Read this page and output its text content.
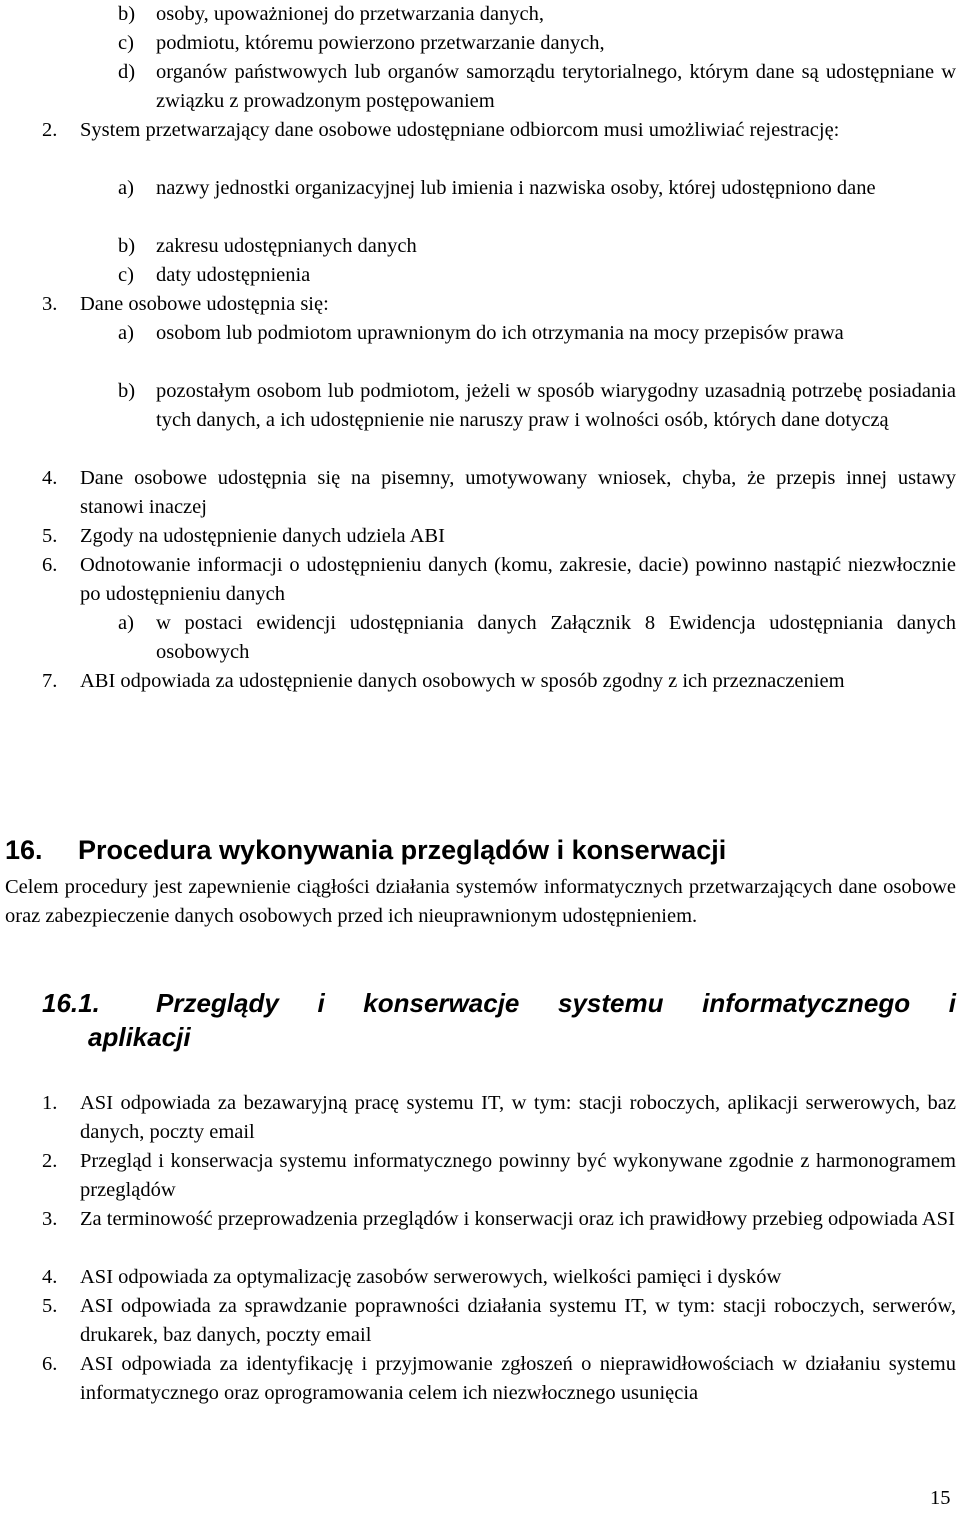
b) osoby, upoważnionej do przetwarzania danych,
c) podmiotu, któremu powierzono przetwarzanie danych,
d) organów państwowych lub organów samorządu terytorialnego, którym dane są udostępniane w związku z prowadzonym postępowaniem
2. System przetwarzający dane osobowe udostępniane odbiorcom musi umożliwiać rejestrację:
a) nazwy jednostki organizacyjnej lub imienia i nazwiska osoby, której udostępniono dane
b) zakresu udostępnianych danych
c) daty udostępnienia
3. Dane osobowe udostępnia się:
a) osobom lub podmiotom uprawnionym do ich otrzymania na mocy przepisów prawa
b) pozostałym osobom lub podmiotom, jeżeli w sposób wiarygodny uzasadnią potrzebę posiadania tych danych, a ich udostępnienie nie naruszy praw i wolności osób, których dane dotyczą
4. Dane osobowe udostępnia się na pisemny, umotywowany wniosek, chyba, że przepis innej ustawy stanowi inaczej
5. Zgody na udostępnienie danych udziela ABI
6. Odnotowanie informacji o udostępnieniu danych (komu, zakresie, dacie) powinno nastąpić niezwłocznie po udostępnieniu danych
a) w postaci ewidencji udostępniania danych Załącznik 8 Ewidencja udostępniania danych osobowych
7. ABI odpowiada za udostępnienie danych osobowych w sposób zgodny z ich przeznaczeniem
16. Procedura wykonywania przeglądów i konserwacji
Celem procedury jest zapewnienie ciągłości działania systemów informatycznych przetwarzających dane osobowe oraz zabezpieczenie danych osobowych przed ich nieuprawnionym udostępnieniem.
16.1. Przeglądy i konserwacje systemu informatycznego i
aplikacji
1. ASI odpowiada za bezawaryjną pracę systemu IT, w tym: stacji roboczych, aplikacji serwerowych, baz danych, poczty email
2. Przegląd i konserwacja systemu informatycznego powinny być wykonywane zgodnie z harmonogramem przeglądów
3. Za terminowość przeprowadzenia przeglądów i konserwacji oraz ich prawidłowy przebieg odpowiada ASI
4. ASI odpowiada za optymalizację zasobów serwerowych, wielkości pamięci i dysków
5. ASI odpowiada za sprawdzanie poprawności działania systemu IT, w tym: stacji roboczych, serwerów, drukarek, baz danych, poczty email
6. ASI odpowiada za identyfikację i przyjmowanie zgłoszeń o nieprawidłowościach w działaniu systemu informatycznego oraz oprogramowania celem ich niezwłocznego usunięcia
15
